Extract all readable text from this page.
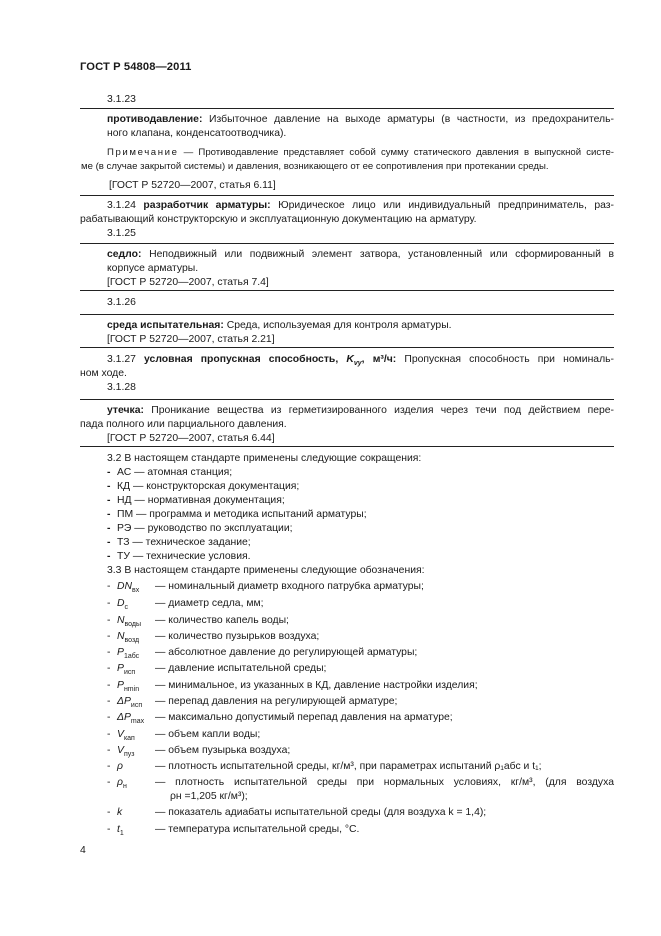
ГОСТ Р 54808—2011
3.1.23
противодавление: Избыточное давление на выходе арматуры (в частности, из предохранитель-
ного клапана, конденсатоотводчика).
Примечание — Противодавление представляет собой сумму статического давления в выпускной систе-
ме (в случае закрытой системы) и давления, возникающего от ее сопротивления при протекании среды.
[ГОСТ Р 52720—2007, статья 6.11]
3.1.24 разработчик арматуры: Юридическое лицо или индивидуальный предприниматель, раз-
рабатывающий конструкторскую и эксплуатационную документацию на арматуру.
3.1.25
седло: Неподвижный или подвижный элемент затвора, установленный или сформированный в
корпусе арматуры.
[ГОСТ Р 52720—2007, статья 7.4]
3.1.26
среда испытательная: Среда, используемая для контроля арматуры.
[ГОСТ Р 52720—2007, статья 2.21]
3.1.27 условная пропускная способность, $K_{vy}$, м³/ч: Пропускная способность при номиналь-
ном ходе.
3.1.28
утечка: Проникание вещества из герметизированного изделия через течи под действием пере-
пада полного или парциального давления.
[ГОСТ Р 52720—2007, статья 6.44]
3.2 В настоящем стандарте применены следующие сокращения:
- АС — атомная станция;
- КД — конструкторская документация;
- НД — нормативная документация;
- ПМ — программа и методика испытаний арматуры;
- РЭ — руководство по эксплуатации;
- ТЗ — техническое задание;
- ТУ — технические условия.
3.3 В настоящем стандарте применены следующие обозначения:
- $DN_{вх}$ — номинальный диаметр входного патрубка арматуры;
- $D_с$	— диаметр седла, мм;
- $N_{воды}$ — количество капель воды;
- $N_{возд}$ — количество пузырьков воздуха;
- $P_{1абс}$ — абсолютное давление до регулирующей арматуры;
- $P_{исп}$ — давление испытательной среды;
- $P_{нmin}$ — минимальное, из указанных в КД, давление настройки изделия;
- $\Delta P_{исп}$ — перепад давления на регулирующей арматуре;
- $\Delta P_{max}$ — максимально допустимый перепад давления на арматуре;
- $V_{кап}$ — объем капли воды;
- $V_{пуз}$ — объем пузырька воздуха;
- ρ	— плотность испытательной среды, кг/м³, при параметрах испытаний ρ₁абс и t₁;
- $\rho_н$	— плотность испытательной среды при нормальных условиях, кг/м³, (для воздуха
ρн =1,205 кг/м³);
- k	— показатель адиабаты испытательной среды (для воздуха k = 1,4);
- $t_1$	— температура испытательной среды, °С.
4
